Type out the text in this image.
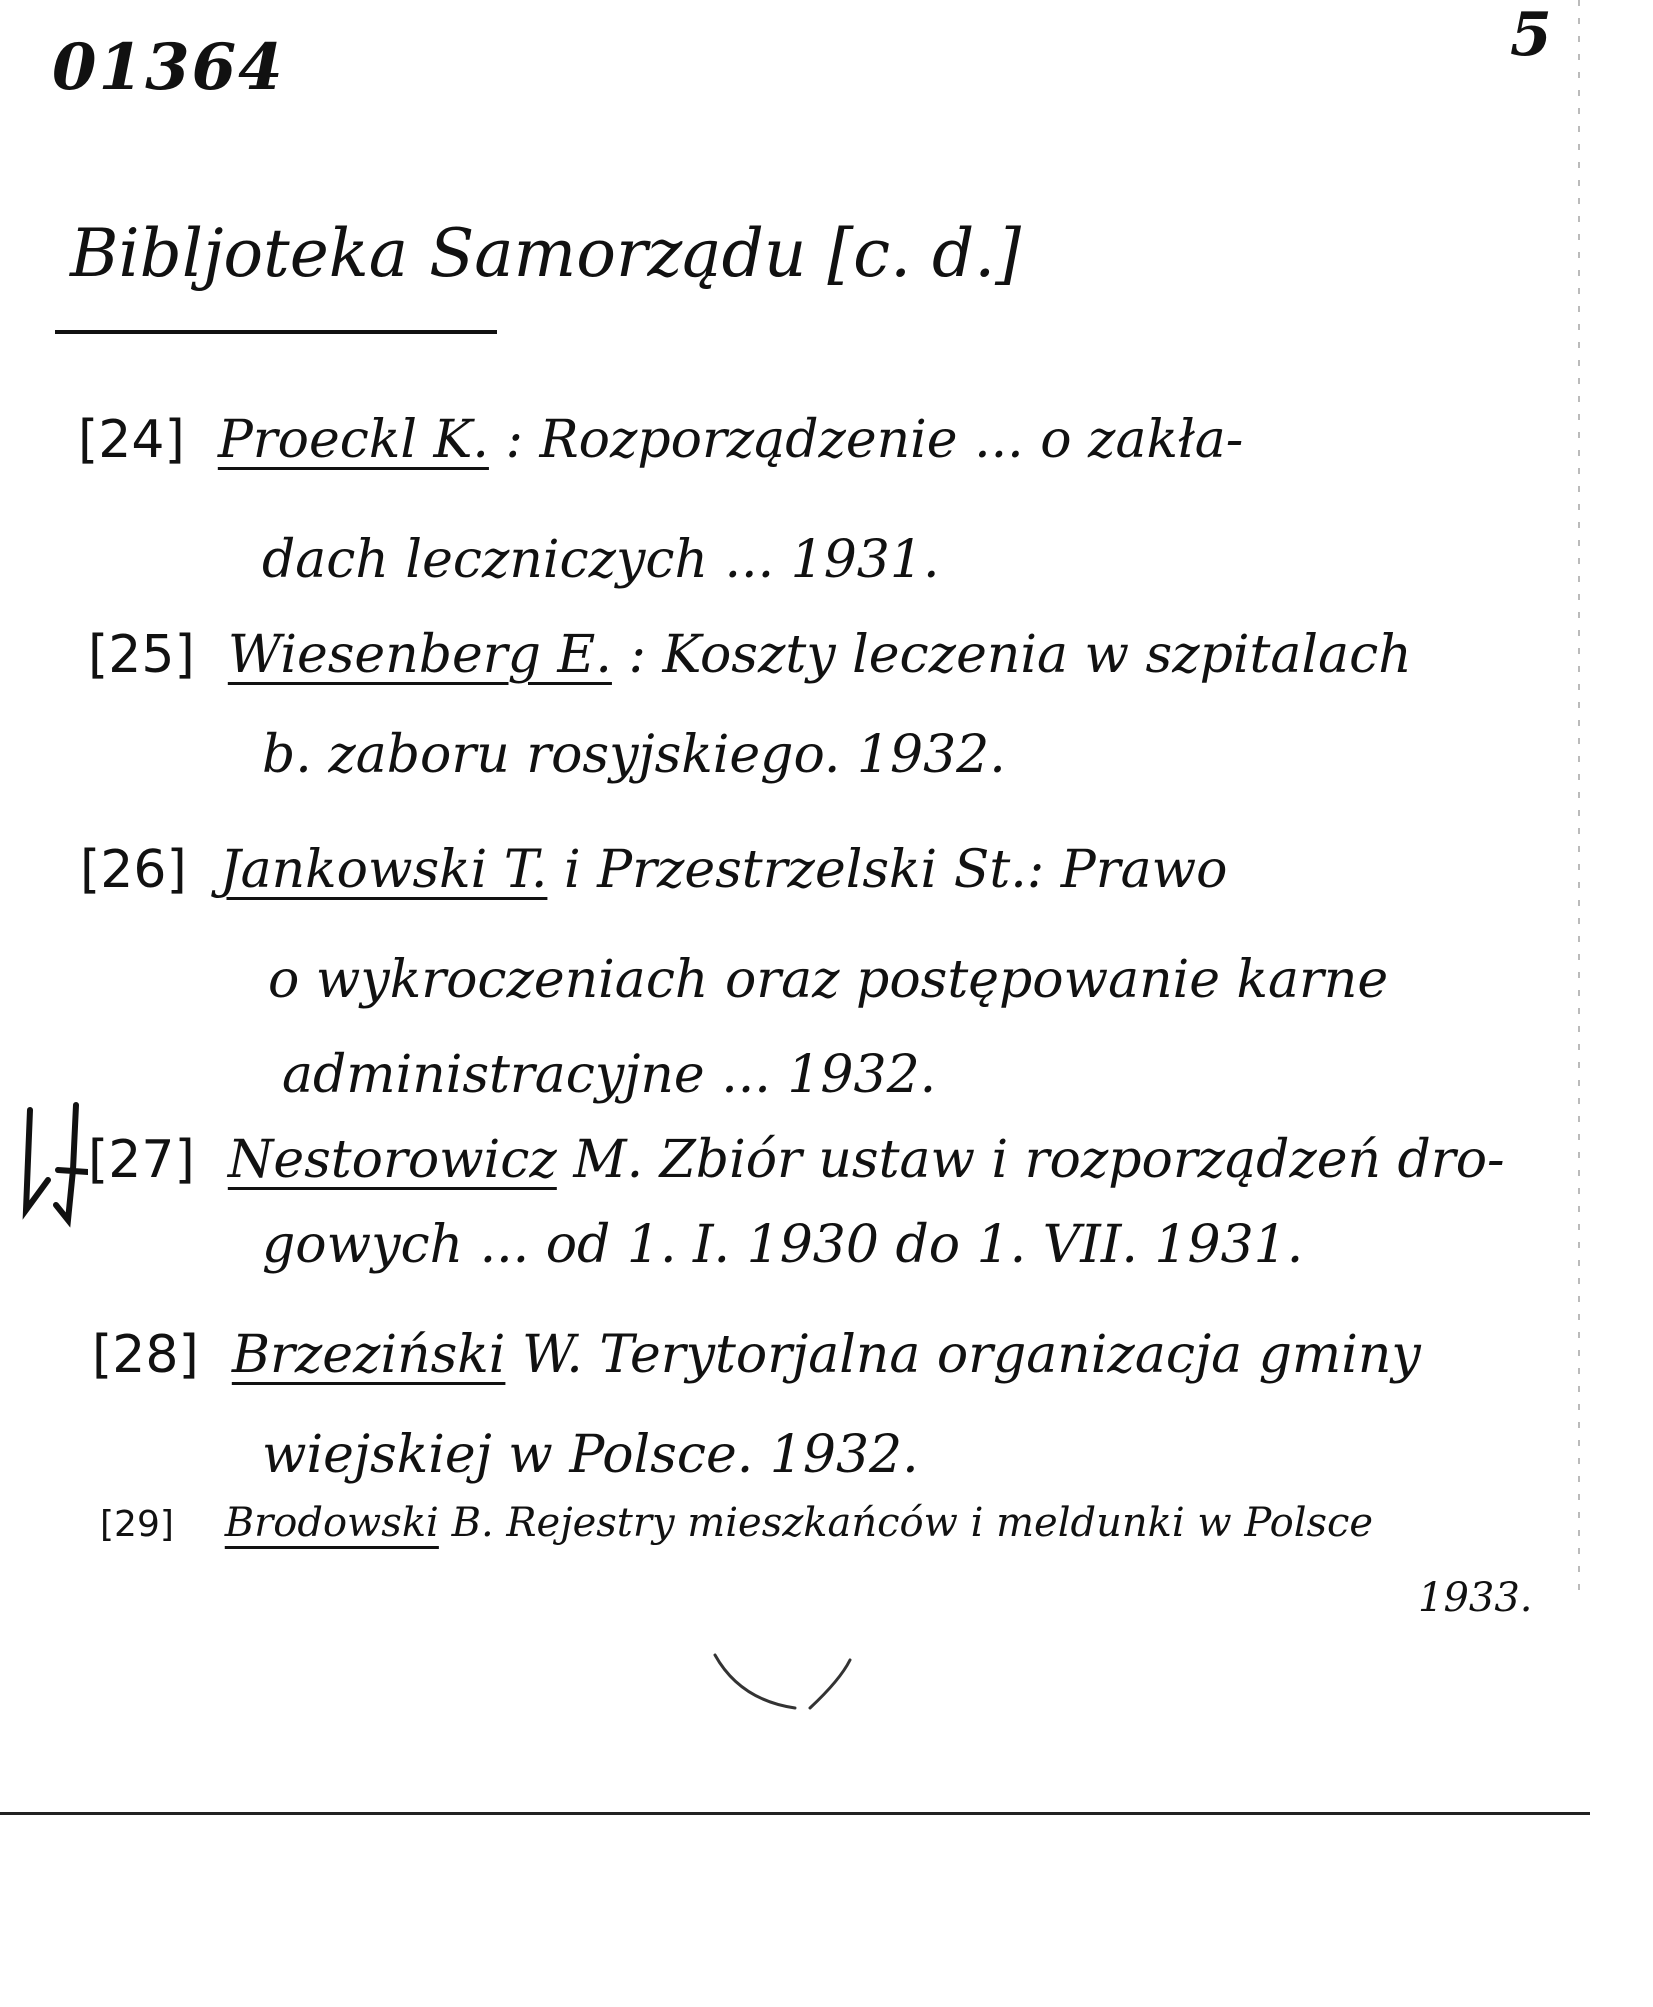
01364	5
Bibljoteka Samorządu [c. d.]
[24] Proeckl K. : Rozporządzenie ... o zakła-
dach leczniczych ... 1931.
[25] Wiesenberg E. : Koszty leczenia w szpitalach
b. zaboru rosyjskiego. 1932.
[26] Jankowski T. i Przestrzelski St.: Prawo
o wykroczeniach oraz postępowanie karne
administracyjne ... 1932.
[27] Nestorowicz M. Zbiór ustaw i rozporządzeń dro-
gowych ... od 1. I. 1930 do 1. VII. 1931.
[28] Brzeziński W. Terytorjalna organizacja gminy
wiejskiej w Polsce. 1932.
[29] Brodowski B. Rejestry mieszkańców i meldunki w Polsce
1933.
